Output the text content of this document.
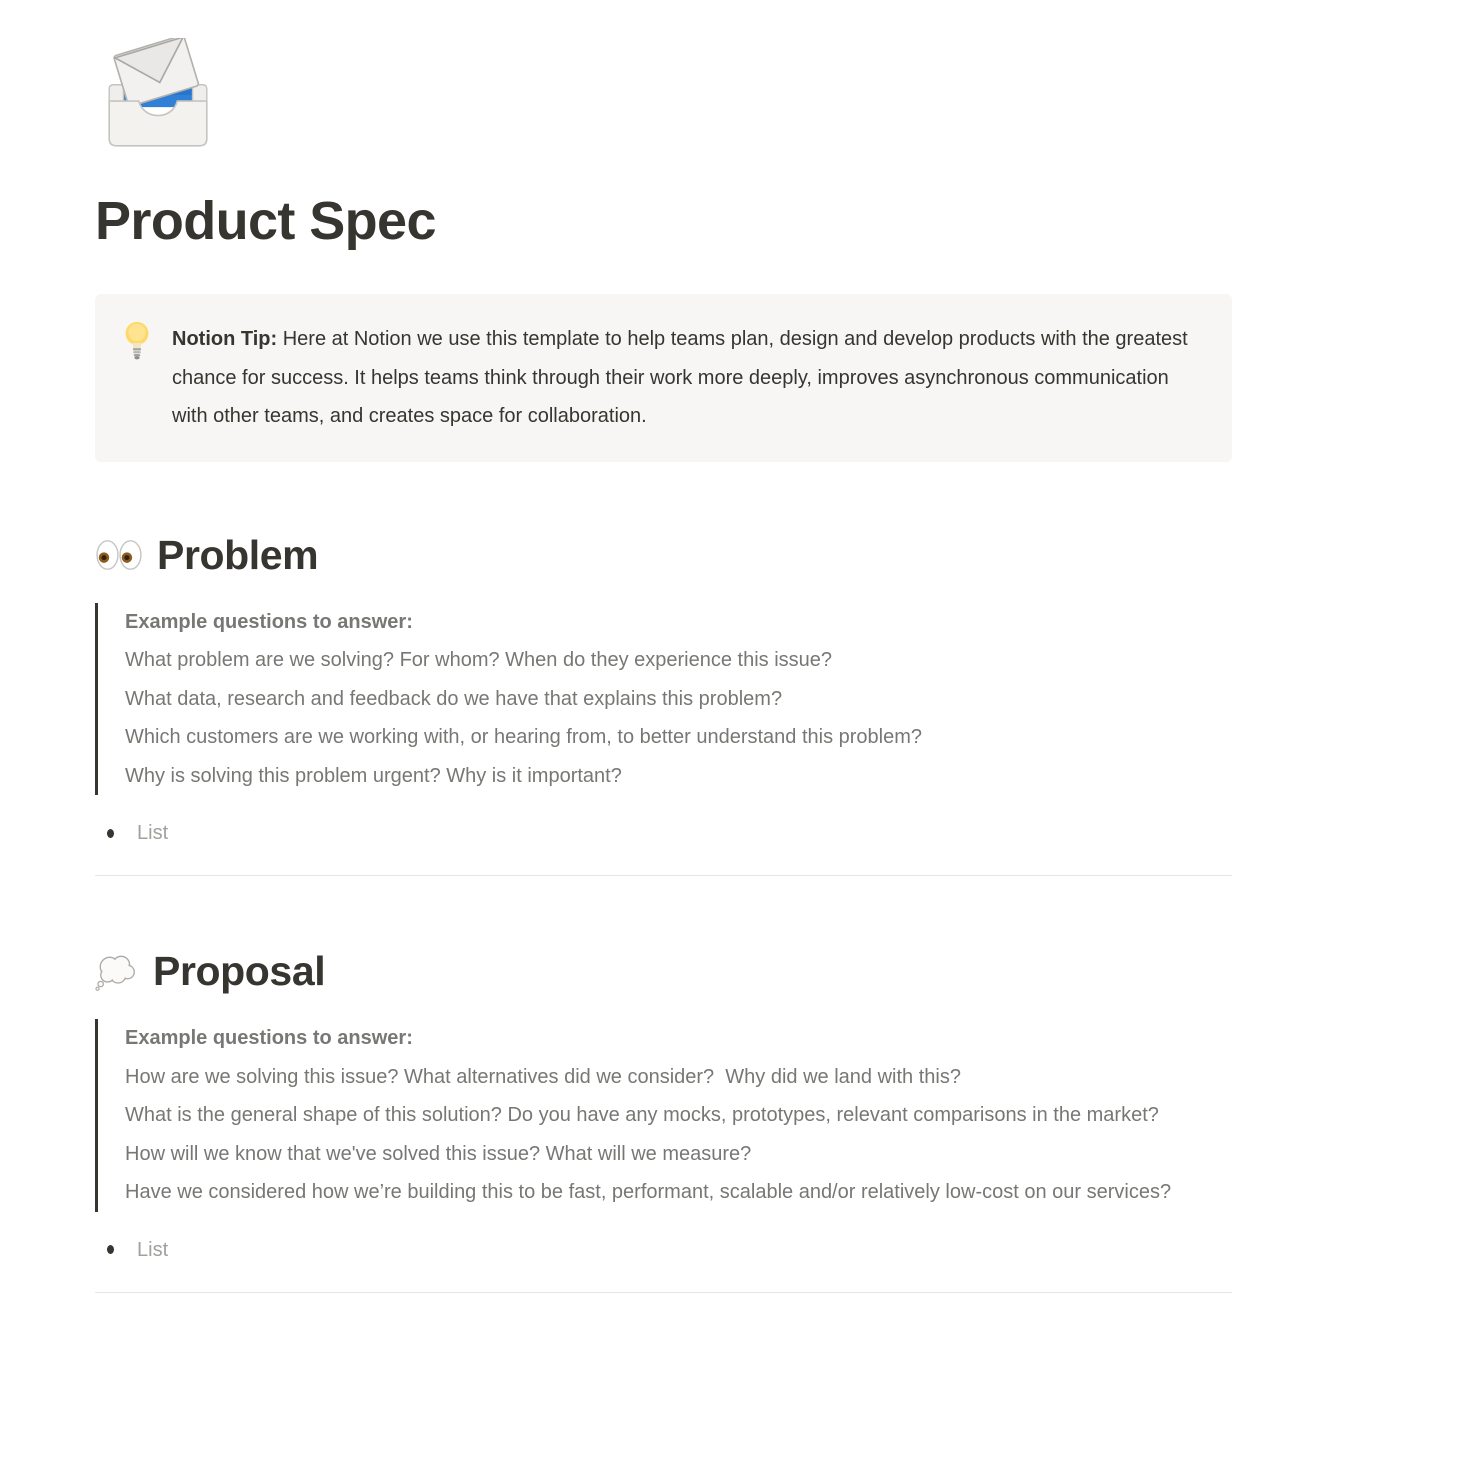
Product Spec
Notion Tip: Here at Notion we use this template to help teams plan, design and develop products with the greatest chance for success. It helps teams think through their work more deeply, improves asynchronous communication with other teams, and creates space for collaboration.
Problem

Example questions to answer:

What problem are we solving? For whom? When do they experience this issue?

What data, research and feedback do we have that explains this problem?

Which customers are we working with, or hearing from, to better understand this problem?

Why is solving this problem urgent? Why is it important?

List
Proposal

Example questions to answer:

How are we solving this issue? What alternatives did we consider?  Why did we land with this?

What is the general shape of this solution? Do you have any mocks, prototypes, relevant comparisons in the market?

How will we know that we've solved this issue? What will we measure?

Have we considered how we’re building this to be fast, performant, scalable and/or relatively low-cost on our services?

List
